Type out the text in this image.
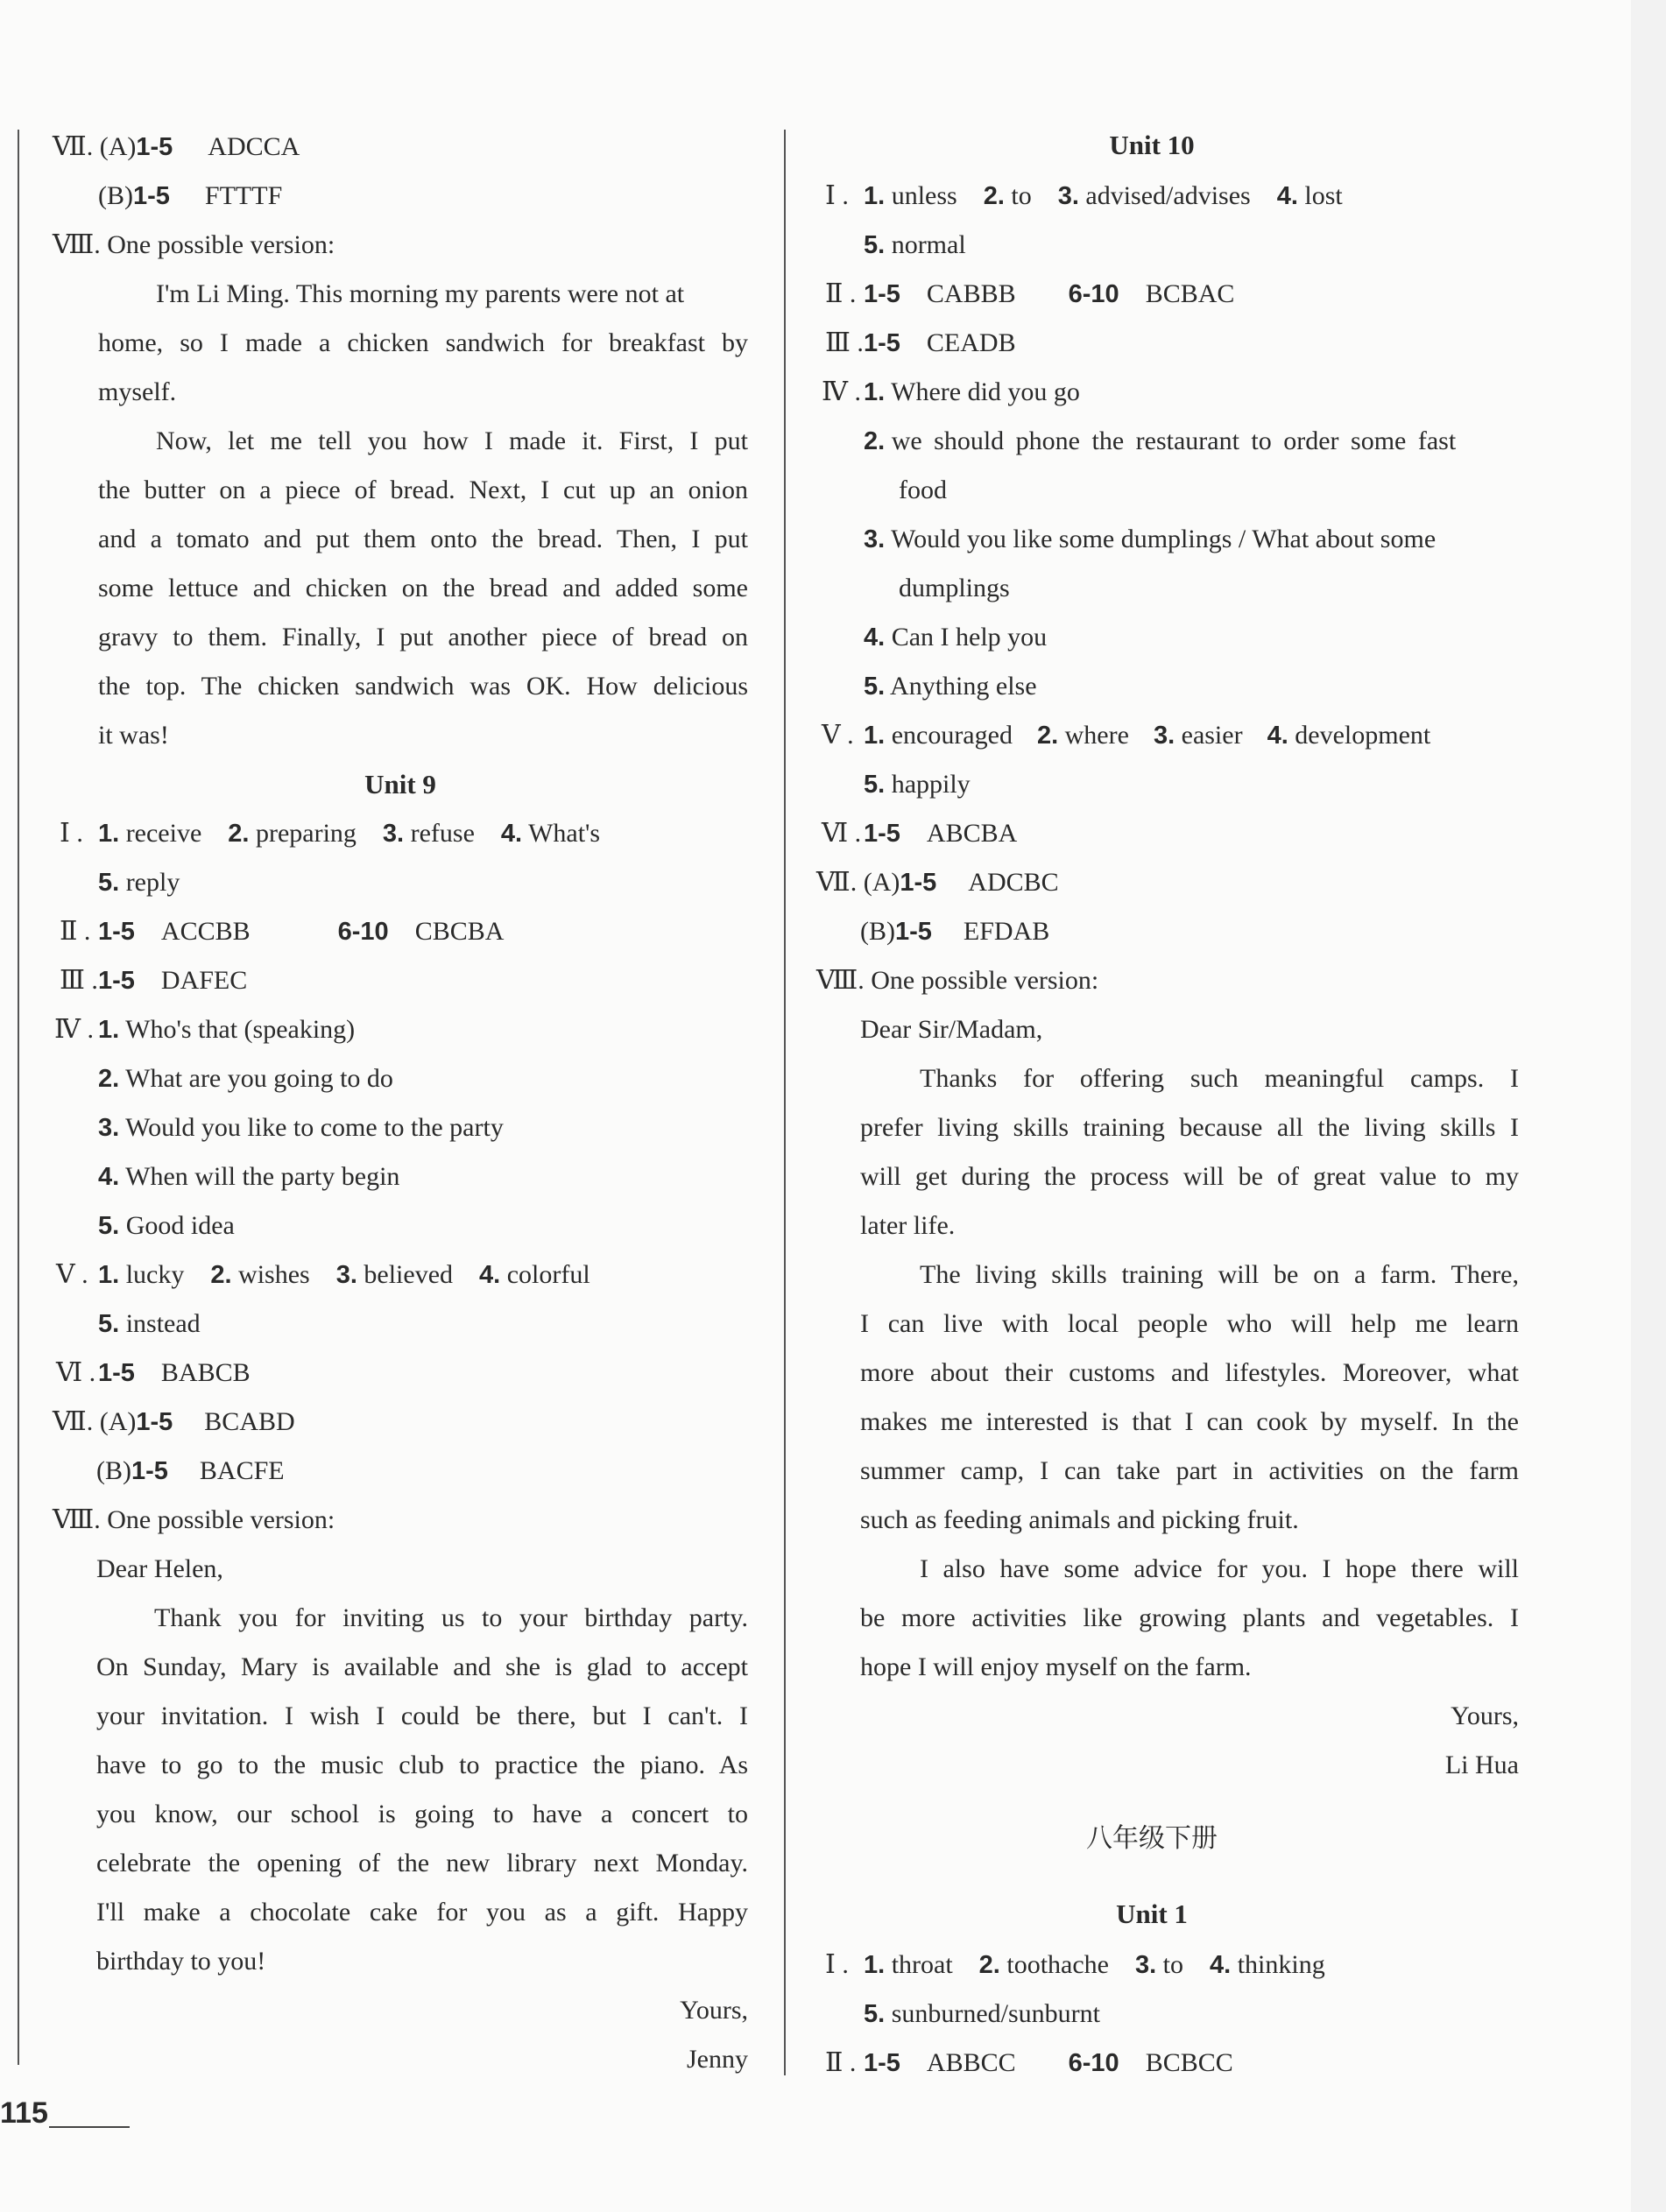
Ⅶ. (A)1-5 ADCCA
(B)1-5 FTTTF
Ⅷ. One possible version:
I'm Li Ming. This morning my parents were not at
home, so I made a chicken sandwich for breakfast by
myself.
Now, let me tell you how I made it. First, I put
the butter on a piece of bread. Next, I cut up an onion
and a tomato and put them onto the bread. Then, I put
some lettuce and chicken on the bread and added some
gravy to them. Finally, I put another piece of bread on
the top. The chicken sandwich was OK. How delicious
it was!
Unit 9
Ⅰ . 1. receive 2. preparing 3. refuse 4. What's
5. reply
Ⅱ . 1-5 ACCBB	6-10 CBCBA
Ⅲ .1-5 DAFEC
Ⅳ . 1. Who's that (speaking)
2. What are you going to do
3. Would you like to come to the party
4. When will the party begin
5. Good idea
Ⅴ . 1. lucky 2. wishes 3. believed 4. colorful
5. instead
Ⅵ .1-5 BABCB
Ⅶ. (A)1-5 BCABD
(B)1-5 BACFE
Ⅷ. One possible version:
Dear Helen,
Thank you for inviting us to your birthday party.
On Sunday, Mary is available and she is glad to accept
your invitation. I wish I could be there, but I can't. I
have to go to the music club to practice the piano. As
you know, our school is going to have a concert to
celebrate the opening of the new library next Monday.
I'll make a chocolate cake for you as a gift. Happy
birthday to you!
Yours,
Jenny
Unit 10
Ⅰ . 1. unless 2. to 3. advised/advises 4. lost
5. normal
Ⅱ . 1-5 CABBB 6-10 BCBAC
Ⅲ .1-5 CEADB
Ⅳ . 1. Where did you go
2. we should phone the restaurant to order some fast
food
3. Would you like some dumplings / What about some
dumplings
4. Can I help you
5. Anything else
Ⅴ . 1. encouraged 2. where 3. easier 4. development
5. happily
Ⅵ .1-5 ABCBA
Ⅶ. (A)1-5 ADCBC
(B)1-5 EFDAB
Ⅷ. One possible version:
Dear Sir/Madam,
Thanks for offering such meaningful camps. I
prefer living skills training because all the living skills I
will get during the process will be of great value to my
later life.
The living skills training will be on a farm. There,
I can live with local people who will help me learn
more about their customs and lifestyles. Moreover, what
makes me interested is that I can cook by myself. In the
summer camp, I can take part in activities on the farm
such as feeding animals and picking fruit.
I also have some advice for you. I hope there will
be more activities like growing plants and vegetables. I
hope I will enjoy myself on the farm.
Yours,
Li Hua
八年级下册
Unit 1
Ⅰ . 1. throat 2. toothache 3. to 4. thinking
5. sunburned/sunburnt
Ⅱ . 1-5 ABBCC 6-10 BCBCC
115
